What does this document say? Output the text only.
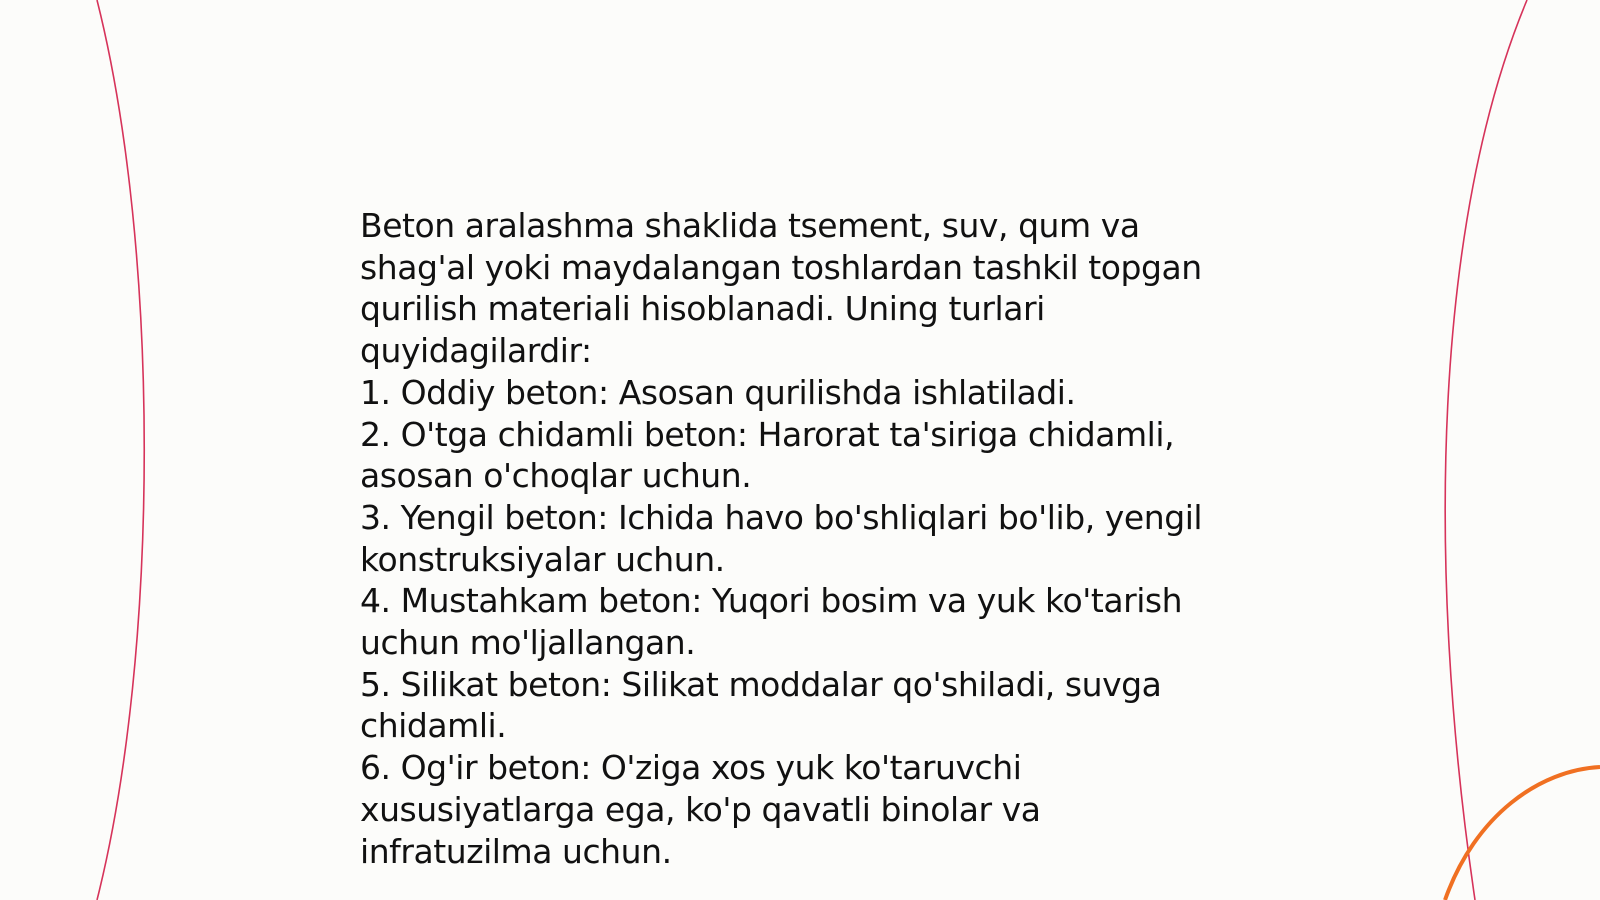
Beton aralashma shaklida tsement, suv, qum va shag'al yoki maydalangan toshlardan tashkil topgan qurilish materiali hisoblanadi. Uning turlari quyidagilardir:

1. Oddiy beton: Asosan qurilishda ishlatiladi.

2. O'tga chidamli beton: Harorat ta'siriga chidamli, asosan o'choqlar uchun.

3. Yengil beton: Ichida havo bo'shliqlari bo'lib, yengil konstruksiyalar uchun.

4. Mustahkam beton: Yuqori bosim va yuk ko'tarish uchun mo'ljallangan.

5. Silikat beton: Silikat moddalar qo'shiladi, suvga chidamli.

6. Og'ir beton: O'ziga xos yuk ko'taruvchi xususiyatlarga ega, ko'p qavatli binolar va infratuzilma uchun.
